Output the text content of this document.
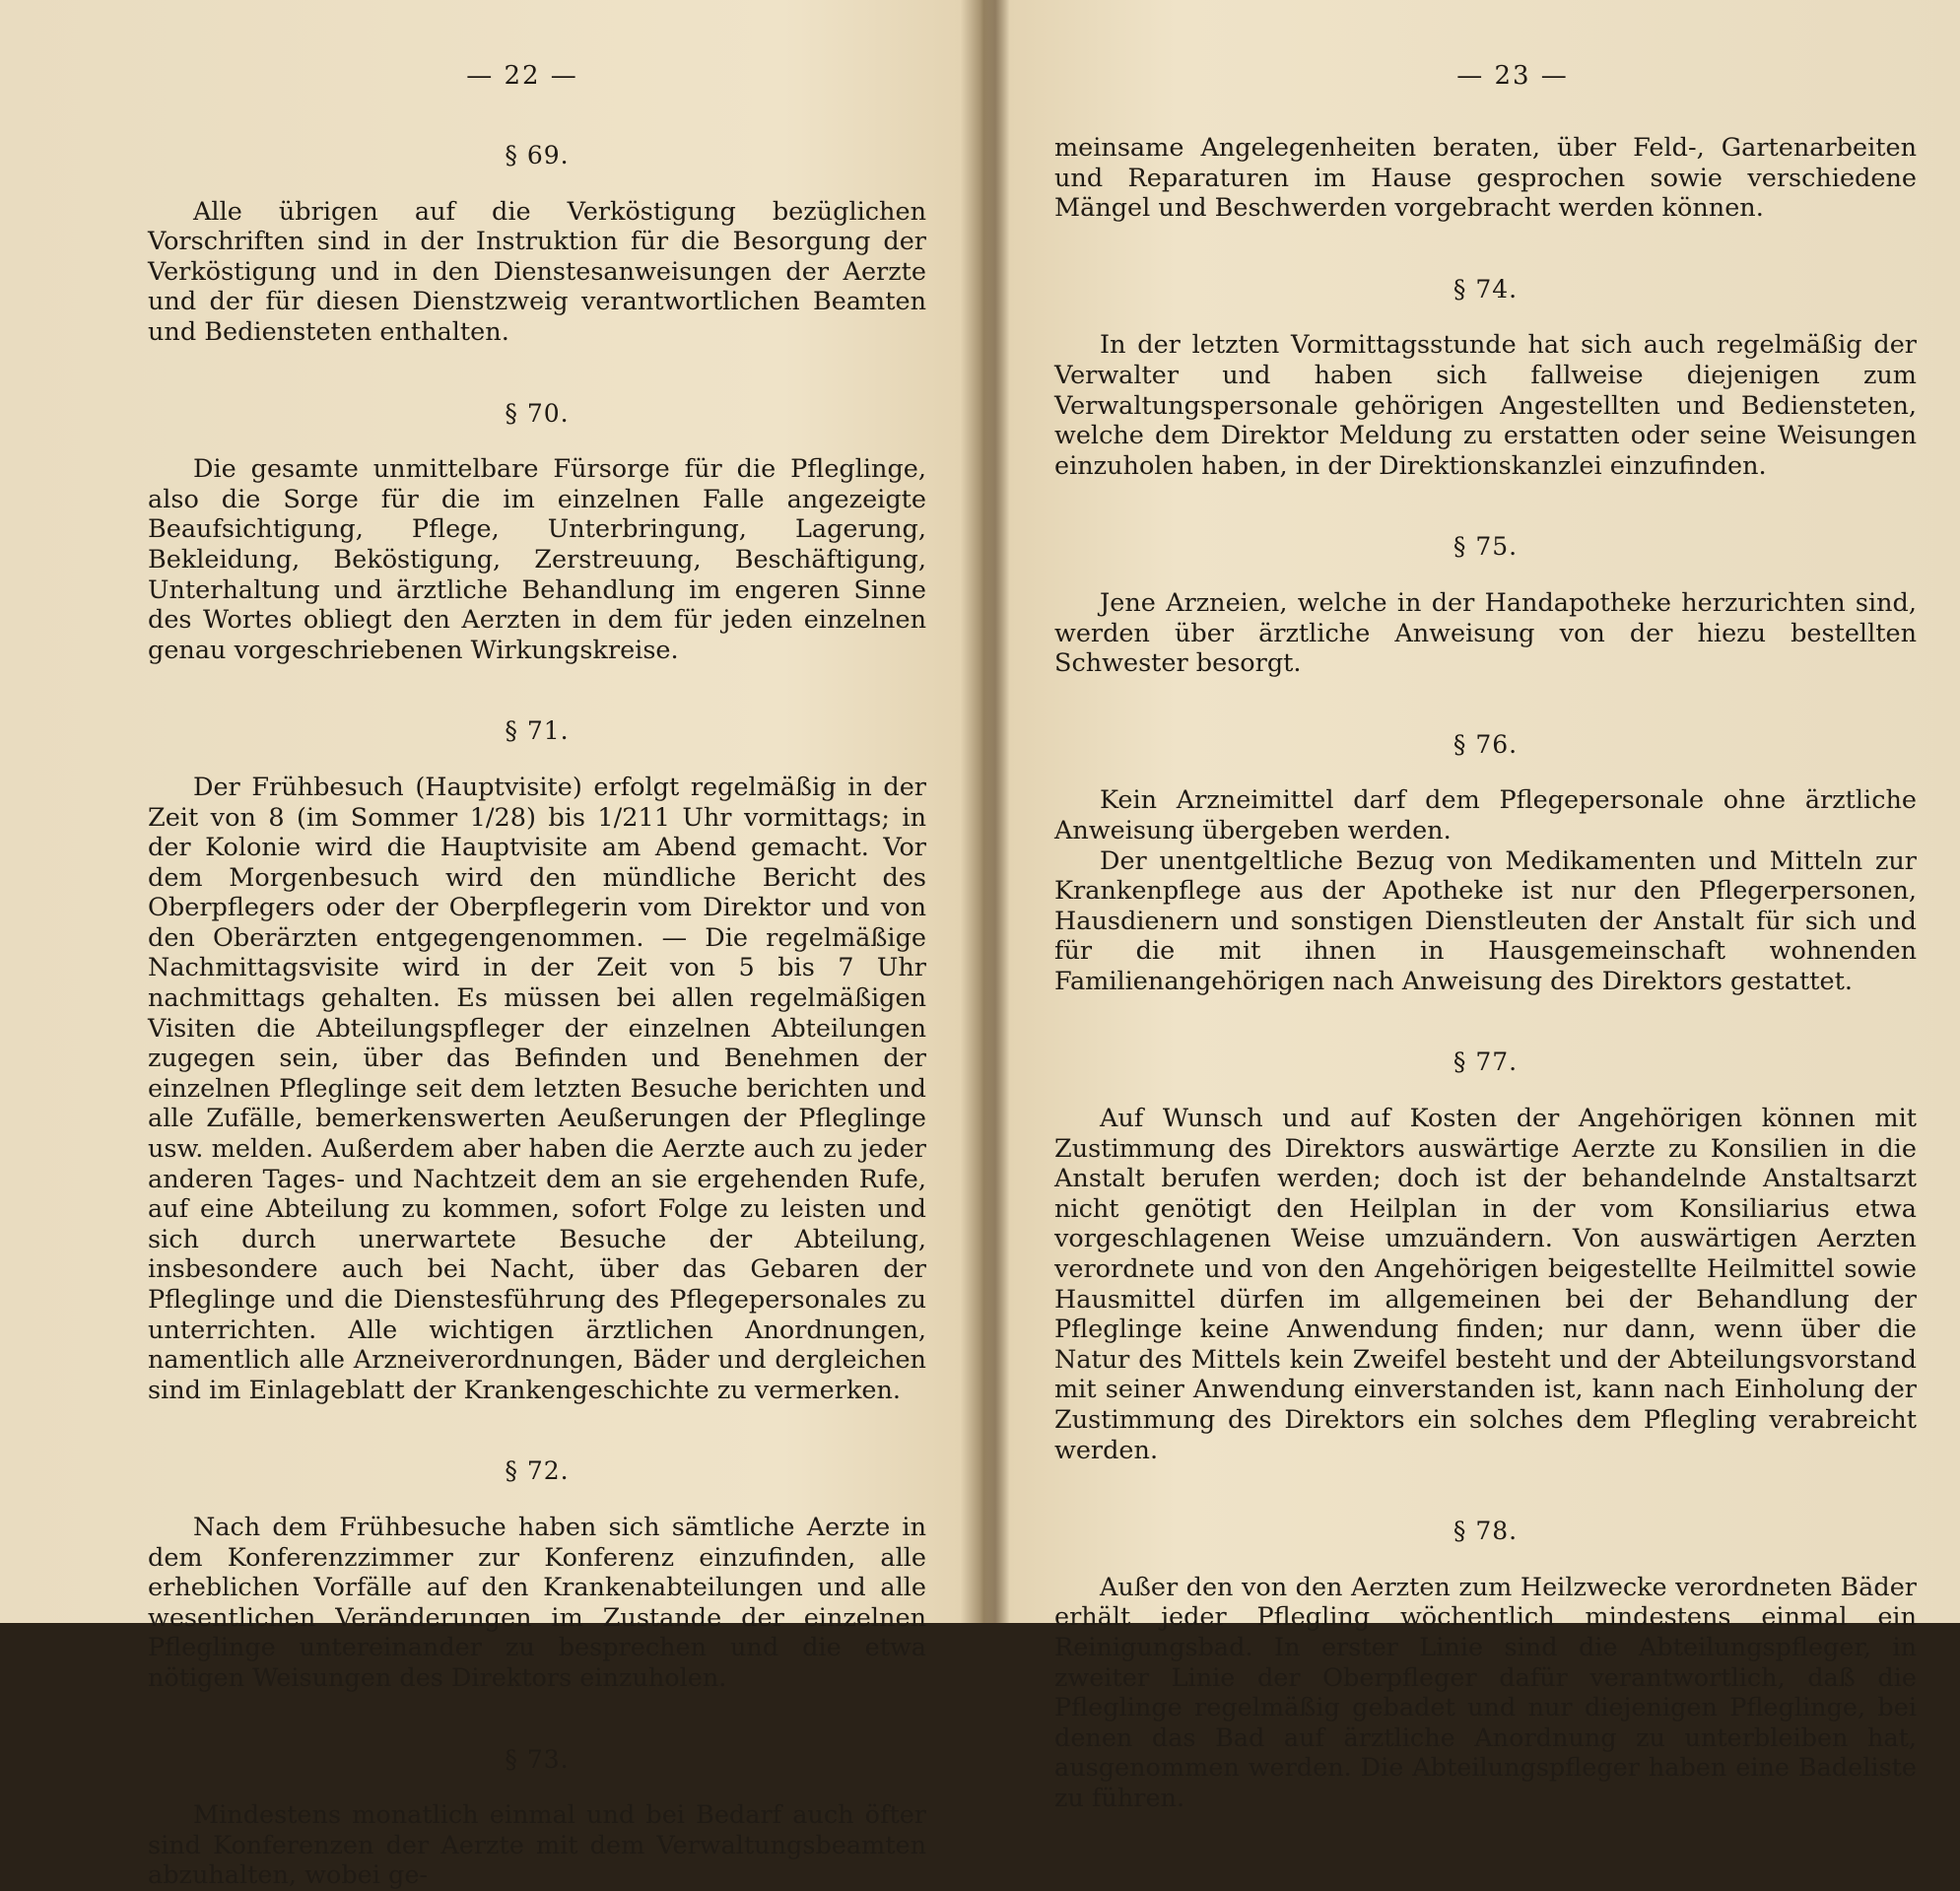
— 22 —

§ 69.

Alle übrigen auf die Verköstigung bezüglichen Vorschriften sind in der Instruktion für die Besorgung der Verköstigung und in den Dienstesanweisungen der Aerzte und der für diesen Dienstzweig verantwortlichen Beamten und Bediensteten enthalten.

§ 70.

Die gesamte unmittelbare Fürsorge für die Pfleglinge, also die Sorge für die im einzelnen Falle angezeigte Beaufsichtigung, Pflege, Unterbringung, Lagerung, Bekleidung, Beköstigung, Zerstreuung, Beschäftigung, Unterhaltung und ärztliche Behandlung im engeren Sinne des Wortes obliegt den Aerzten in dem für jeden einzelnen genau vorgeschriebenen Wirkungskreise.

§ 71.

Der Frühbesuch (Hauptvisite) erfolgt regelmäßig in der Zeit von 8 (im Sommer 1/28) bis 1/211 Uhr vormittags; in der Kolonie wird die Hauptvisite am Abend gemacht. Vor dem Morgenbesuch wird den mündliche Bericht des Oberpflegers oder der Oberpflegerin vom Direktor und von den Oberärzten entgegengenommen. — Die regelmäßige Nachmittagsvisite wird in der Zeit von 5 bis 7 Uhr nachmittags gehalten. Es müssen bei allen regelmäßigen Visiten die Abteilungspfleger der einzelnen Abteilungen zugegen sein, über das Befinden und Benehmen der einzelnen Pfleglinge seit dem letzten Besuche berichten und alle Zufälle, bemerkenswerten Aeußerungen der Pfleglinge usw. melden. Außerdem aber haben die Aerzte auch zu jeder anderen Tages- und Nachtzeit dem an sie ergehenden Rufe, auf eine Abteilung zu kommen, sofort Folge zu leisten und sich durch unerwartete Besuche der Abteilung, insbesondere auch bei Nacht, über das Gebaren der Pfleglinge und die Dienstesführung des Pflegepersonales zu unterrichten. Alle wichtigen ärztlichen Anordnungen, namentlich alle Arzneiverordnungen, Bäder und dergleichen sind im Einlageblatt der Krankengeschichte zu vermerken.

§ 72.

Nach dem Frühbesuche haben sich sämtliche Aerzte in dem Konferenzzimmer zur Konferenz einzufinden, alle erheblichen Vorfälle auf den Krankenabteilungen und alle wesentlichen Veränderungen im Zustande der einzelnen Pfleglinge untereinander zu besprechen und die etwa nötigen Weisungen des Direktors einzuholen.

§ 73.

Mindestens monatlich einmal und bei Bedarf auch öfter sind Konferenzen der Aerzte mit dem Verwaltungsbeamten abzuhalten, wobei ge-

— 23 —

meinsame Angelegenheiten beraten, über Feld-, Gartenarbeiten und Reparaturen im Hause gesprochen sowie verschiedene Mängel und Beschwerden vorgebracht werden können.

§ 74.

In der letzten Vormittagsstunde hat sich auch regelmäßig der Verwalter und haben sich fallweise diejenigen zum Verwaltungspersonale gehörigen Angestellten und Bediensteten, welche dem Direktor Meldung zu erstatten oder seine Weisungen einzuholen haben, in der Direktionskanzlei einzufinden.

§ 75.

Jene Arzneien, welche in der Handapotheke herzurichten sind, werden über ärztliche Anweisung von der hiezu bestellten Schwester besorgt.

§ 76.

Kein Arzneimittel darf dem Pflegepersonale ohne ärztliche Anweisung übergeben werden.

Der unentgeltliche Bezug von Medikamenten und Mitteln zur Krankenpflege aus der Apotheke ist nur den Pflegerpersonen, Hausdienern und sonstigen Dienstleuten der Anstalt für sich und für die mit ihnen in Hausgemeinschaft wohnenden Familienangehörigen nach Anweisung des Direktors gestattet.

§ 77.

Auf Wunsch und auf Kosten der Angehörigen können mit Zustimmung des Direktors auswärtige Aerzte zu Konsilien in die Anstalt berufen werden; doch ist der behandelnde Anstaltsarzt nicht genötigt den Heilplan in der vom Konsiliarius etwa vorgeschlagenen Weise umzuändern. Von auswärtigen Aerzten verordnete und von den Angehörigen beigestellte Heilmittel sowie Hausmittel dürfen im allgemeinen bei der Behandlung der Pfleglinge keine Anwendung finden; nur dann, wenn über die Natur des Mittels kein Zweifel besteht und der Abteilungsvorstand mit seiner Anwendung einverstanden ist, kann nach Einholung der Zustimmung des Direktors ein solches dem Pflegling verabreicht werden.

§ 78.

Außer den von den Aerzten zum Heilzwecke verordneten Bäder erhält jeder Pflegling wöchentlich mindestens einmal ein Reinigungsbad. In erster Linie sind die Abteilungspfleger, in zweiter Linie der Oberpfleger dafür verantwortlich, daß die Pfleglinge regelmäßig gebadet und nur diejenigen Pfleglinge, bei denen das Bad auf ärztliche Anordnung zu unterbleiben hat, ausgenommen werden. Die Abteilungspfleger haben eine Badeliste zu führen.
